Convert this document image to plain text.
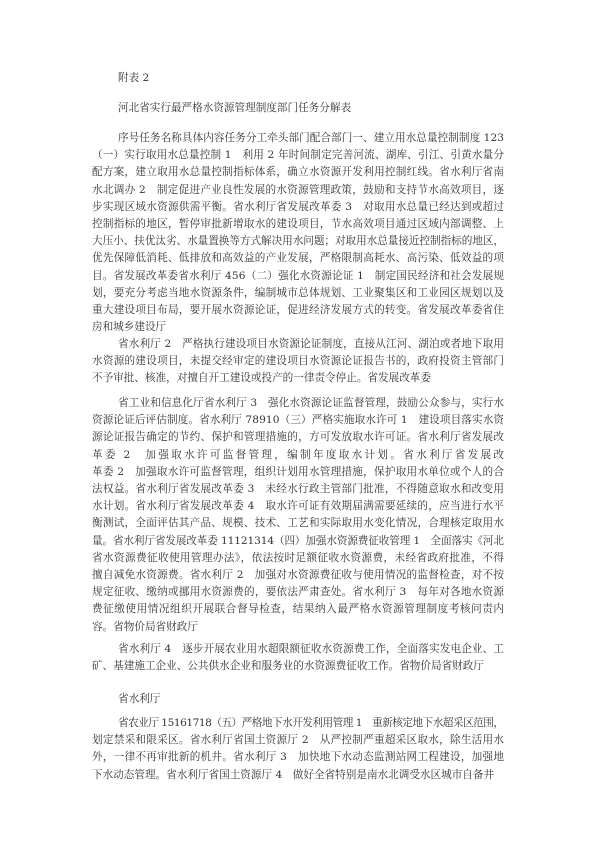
附表 2
河北省实行最严格水资源管理制度部门任务分解表
序号任务名称具体内容任务分工牵头部门配合部门一、建立用水总量控制制度 123
（一）实行取用水总量控制 1　利用 2 年时间制定完善河流、湖库、引江、引黄水量分
配方案，建立取用水总量控制指标体系，确立水资源开发利用控制红线。省水利厅省南
水北调办 2　制定促进产业良性发展的水资源管理政策，鼓励和支持节水高效项目，逐
步实现区域水资源供需平衡。省水利厅省发展改革委 3　对取用水总量已经达到或超过
控制指标的地区，暂停审批新增取水的建设项目，节水高效项目通过区域内部调整、上
大压小、扶优汰劣、水量置换等方式解决用水问题；对取用水总量接近控制指标的地区，
优先保障低消耗、低排放和高效益的产业发展，严格限制高耗水、高污染、低效益的项
目。省发展改革委省水利厅 456（二）强化水资源论证 1　制定国民经济和社会发展规
划，要充分考虑当地水资源条件，编制城市总体规划、工业聚集区和工业园区规划以及
重大建设项目布局，要开展水资源论证，促进经济发展方式的转变。省发展改革委省住
房和城乡建设厅
省水利厅 2　严格执行建设项目水资源论证制度，直接从江河、湖泊或者地下取用
水资源的建设项目，未提交经审定的建设项目水资源论证报告书的，政府投资主管部门
不予审批、核准，对擅自开工建设或投产的一律责令停止。省发展改革委
省工业和信息化厅省水利厅 3　强化水资源论证监督管理，鼓励公众参与，实行水
资源论证后评估制度。省水利厅 78910（三）严格实施取水许可 1　建设项目落实水资
源论证报告确定的节约、保护和管理措施的，方可发放取水许可证。省水利厅省发展改
革委 2　加强取水许可监督管理，编制年度取水计划。省水利厅省发展改
革委 2　加强取水许可监督管理，组织计划用水管理措施，保护取用水单位或个人的合
法权益。省水利厅省发展改革委 3　未经水行政主管部门批准，不得随意取水和改变用
水计划。省水利厅省发展改革委 4　取水许可证有效期届满需要延续的，应当进行水平
衡测试，全面评估其产品、规模、技术、工艺和实际取用水变化情况，合理核定取用水
量。省水利厅省发展改革委 11121314（四）加强水资源费征收管理 1　全面落实《河北
省水资源费征收使用管理办法》，依法按时足额征收水资源费，未经省政府批准，不得
擅自减免水资源费。省水利厅 2　加强对水资源费征收与使用情况的监督检查，对不按
规定征收、缴纳或挪用水资源费的，要依法严肃查处。省水利厅 3　每年对各地水资源
费征缴使用情况组织开展联合督导检查，结果纳入最严格水资源管理制度考核问责内
容。省物价局省财政厅
省水利厅 4　逐步开展农业用水超限额征收水资源费工作，全面落实发电企业、工
矿、基建施工企业、公共供水企业和服务业的水资源费征收工作。省物价局省财政厅
省水利厅
省农业厅 15161718（五）严格地下水开发利用管理 1　重新核定地下水超采区范围，
划定禁采和限采区。省水利厅省国土资源厅 2　从严控制严重超采区取水，除生活用水
外，一律不再审批新的机井。省水利厅 3　加快地下水动态监测站网工程建设，加强地
下水动态管理。省水利厅省国土资源厅 4　做好全省特别是南水北调受水区城市自备井
